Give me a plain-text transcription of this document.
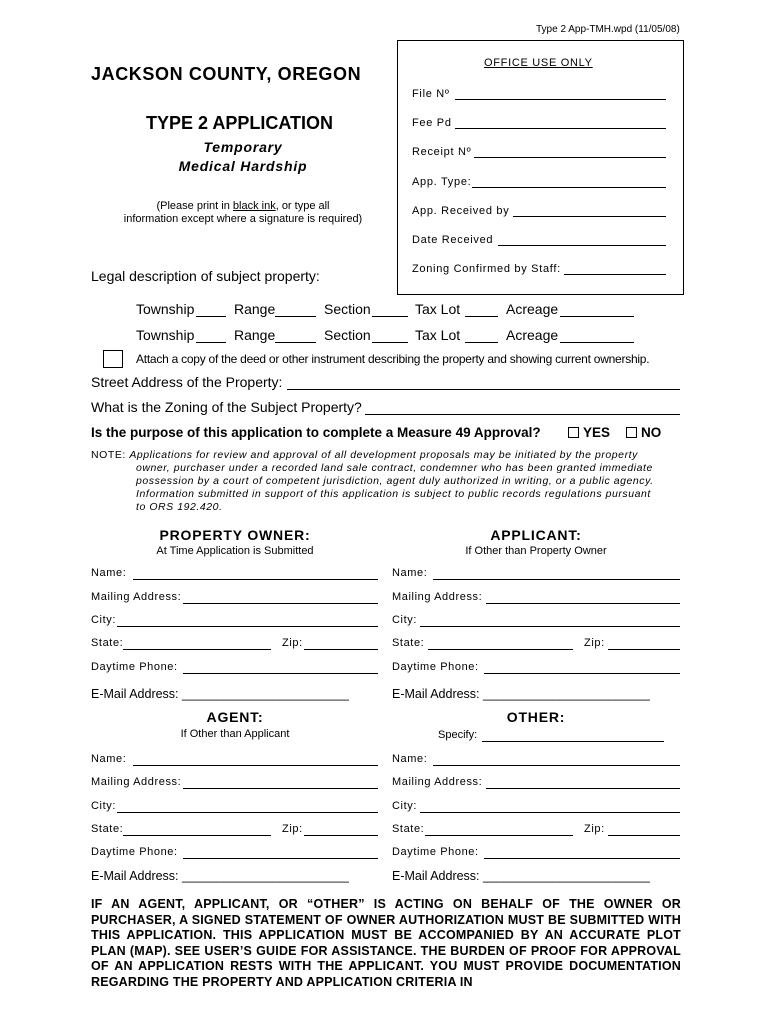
Type 2 App-TMH.wpd (11/05/08)
JACKSON COUNTY, OREGON
TYPE 2 APPLICATION
Temporary
Medical Hardship
(Please print in black ink, or type all
information except where a signature is required)
OFFICE USE ONLY
File Nº
Fee Pd
Receipt Nº
App. Type:
App. Received by
Date Received
Zoning Confirmed by Staff:
Legal description of subject property:
Township	Range	Section	Tax Lot	Acreage
Township	Range	Section	Tax Lot	Acreage
Attach a copy of the deed or other instrument describing the property and showing current ownership.
Street Address of the Property:
What is the Zoning of the Subject Property?
Is the purpose of this application to complete a Measure 49 Approval?	YES	NO
NOTE: Applications for review and approval of all development proposals may be initiated by the property
owner, purchaser under a recorded land sale contract, condemner who has been granted immediate
possession by a court of competent jurisdiction, agent duly authorized in writing, or a public agency.
Information submitted in support of this application is subject to public records regulations pursuant
to ORS 192.420.
PROPERTY OWNER:
At Time Application is Submitted
APPLICANT:
If Other than Property Owner
Name:
Mailing Address:
City:
State:	Zip:
Daytime Phone:
E-Mail Address: ________________________
Name:
Mailing Address:
City:
State:	Zip:
Daytime Phone:
E-Mail Address: ________________________
AGENT:
If Other than Applicant
OTHER:
Specify:
Name:
Mailing Address:
City:
State:	Zip:
Daytime Phone:
E-Mail Address: ________________________
Name:
Mailing Address:
City:
State:	Zip:
Daytime Phone:
E-Mail Address: ________________________
IF AN AGENT, APPLICANT, OR “OTHER” IS ACTING ON BEHALF OF THE OWNER OR PURCHASER, A SIGNED STATEMENT OF OWNER AUTHORIZATION MUST BE SUBMITTED WITH THIS APPLICATION. THIS APPLICATION MUST BE ACCOMPANIED BY AN ACCURATE PLOT PLAN (MAP). SEE USER’S GUIDE FOR ASSISTANCE. THE BURDEN OF PROOF FOR APPROVAL OF AN APPLICATION RESTS WITH THE APPLICANT. YOU MUST PROVIDE DOCUMENTATION REGARDING THE PROPERTY AND APPLICATION CRITERIA IN
